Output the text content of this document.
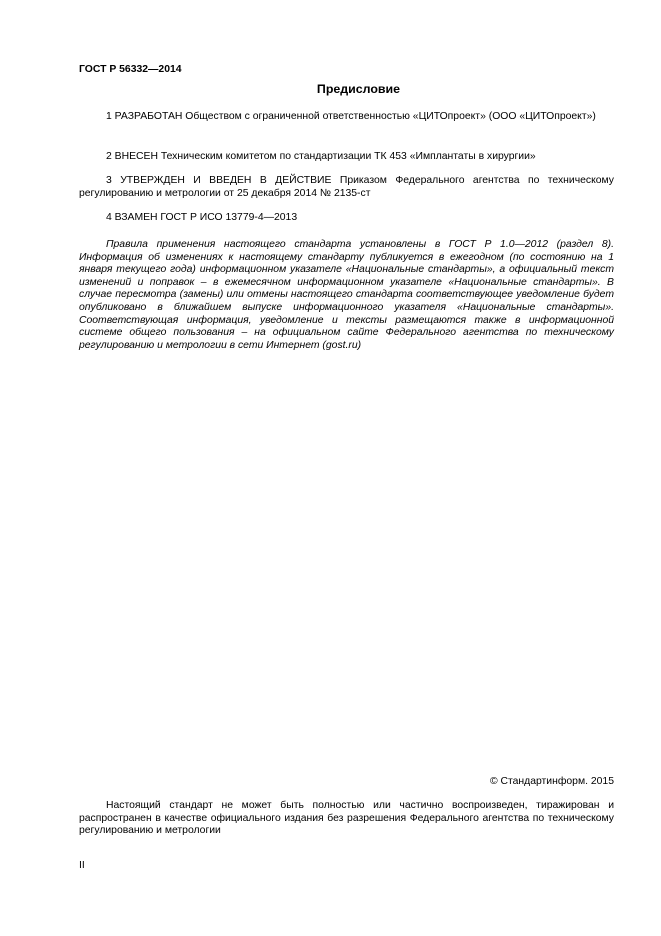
ГОСТ Р 56332—2014
Предисловие

1 РАЗРАБОТАН Обществом с ограниченной ответственностью «ЦИТОпроект» (ООО «ЦИТОпроект»)

2 ВНЕСЕН Техническим комитетом по стандартизации ТК 453 «Имплантаты в хирургии»

3 УТВЕРЖДЕН И ВВЕДЕН В ДЕЙСТВИЕ Приказом Федерального агентства по техническому регулированию и метрологии от 25 декабря 2014 № 2135-ст

4 ВЗАМЕН ГОСТ Р ИСО 13779-4—2013

Правила применения настоящего стандарта установлены в ГОСТ Р 1.0—2012 (раздел 8). Информация об изменениях к настоящему стандарту публикуется в ежегодном (по состоянию на 1 января текущего года) информационном указателе «Национальные стандарты», а официальный текст изменений и поправок – в ежемесячном информационном указателе «Национальные стандарты». В случае пересмотра (замены) или отмены настоящего стандарта соответствующее уведомление будет опубликовано в ближайшем выпуске информационного указателя «Национальные стандарты». Соответствующая информация, уведомление и тексты размещаются также в информационной системе общего пользования – на официальном сайте Федерального агентства по техническому регулированию и метрологии в сети Интернет (gost.ru)

© Стандартинформ. 2015

Настоящий стандарт не может быть полностью или частично воспроизведен, тиражирован и распространен в качестве официального издания без разрешения Федерального агентства по техническому регулированию и метрологии

II
